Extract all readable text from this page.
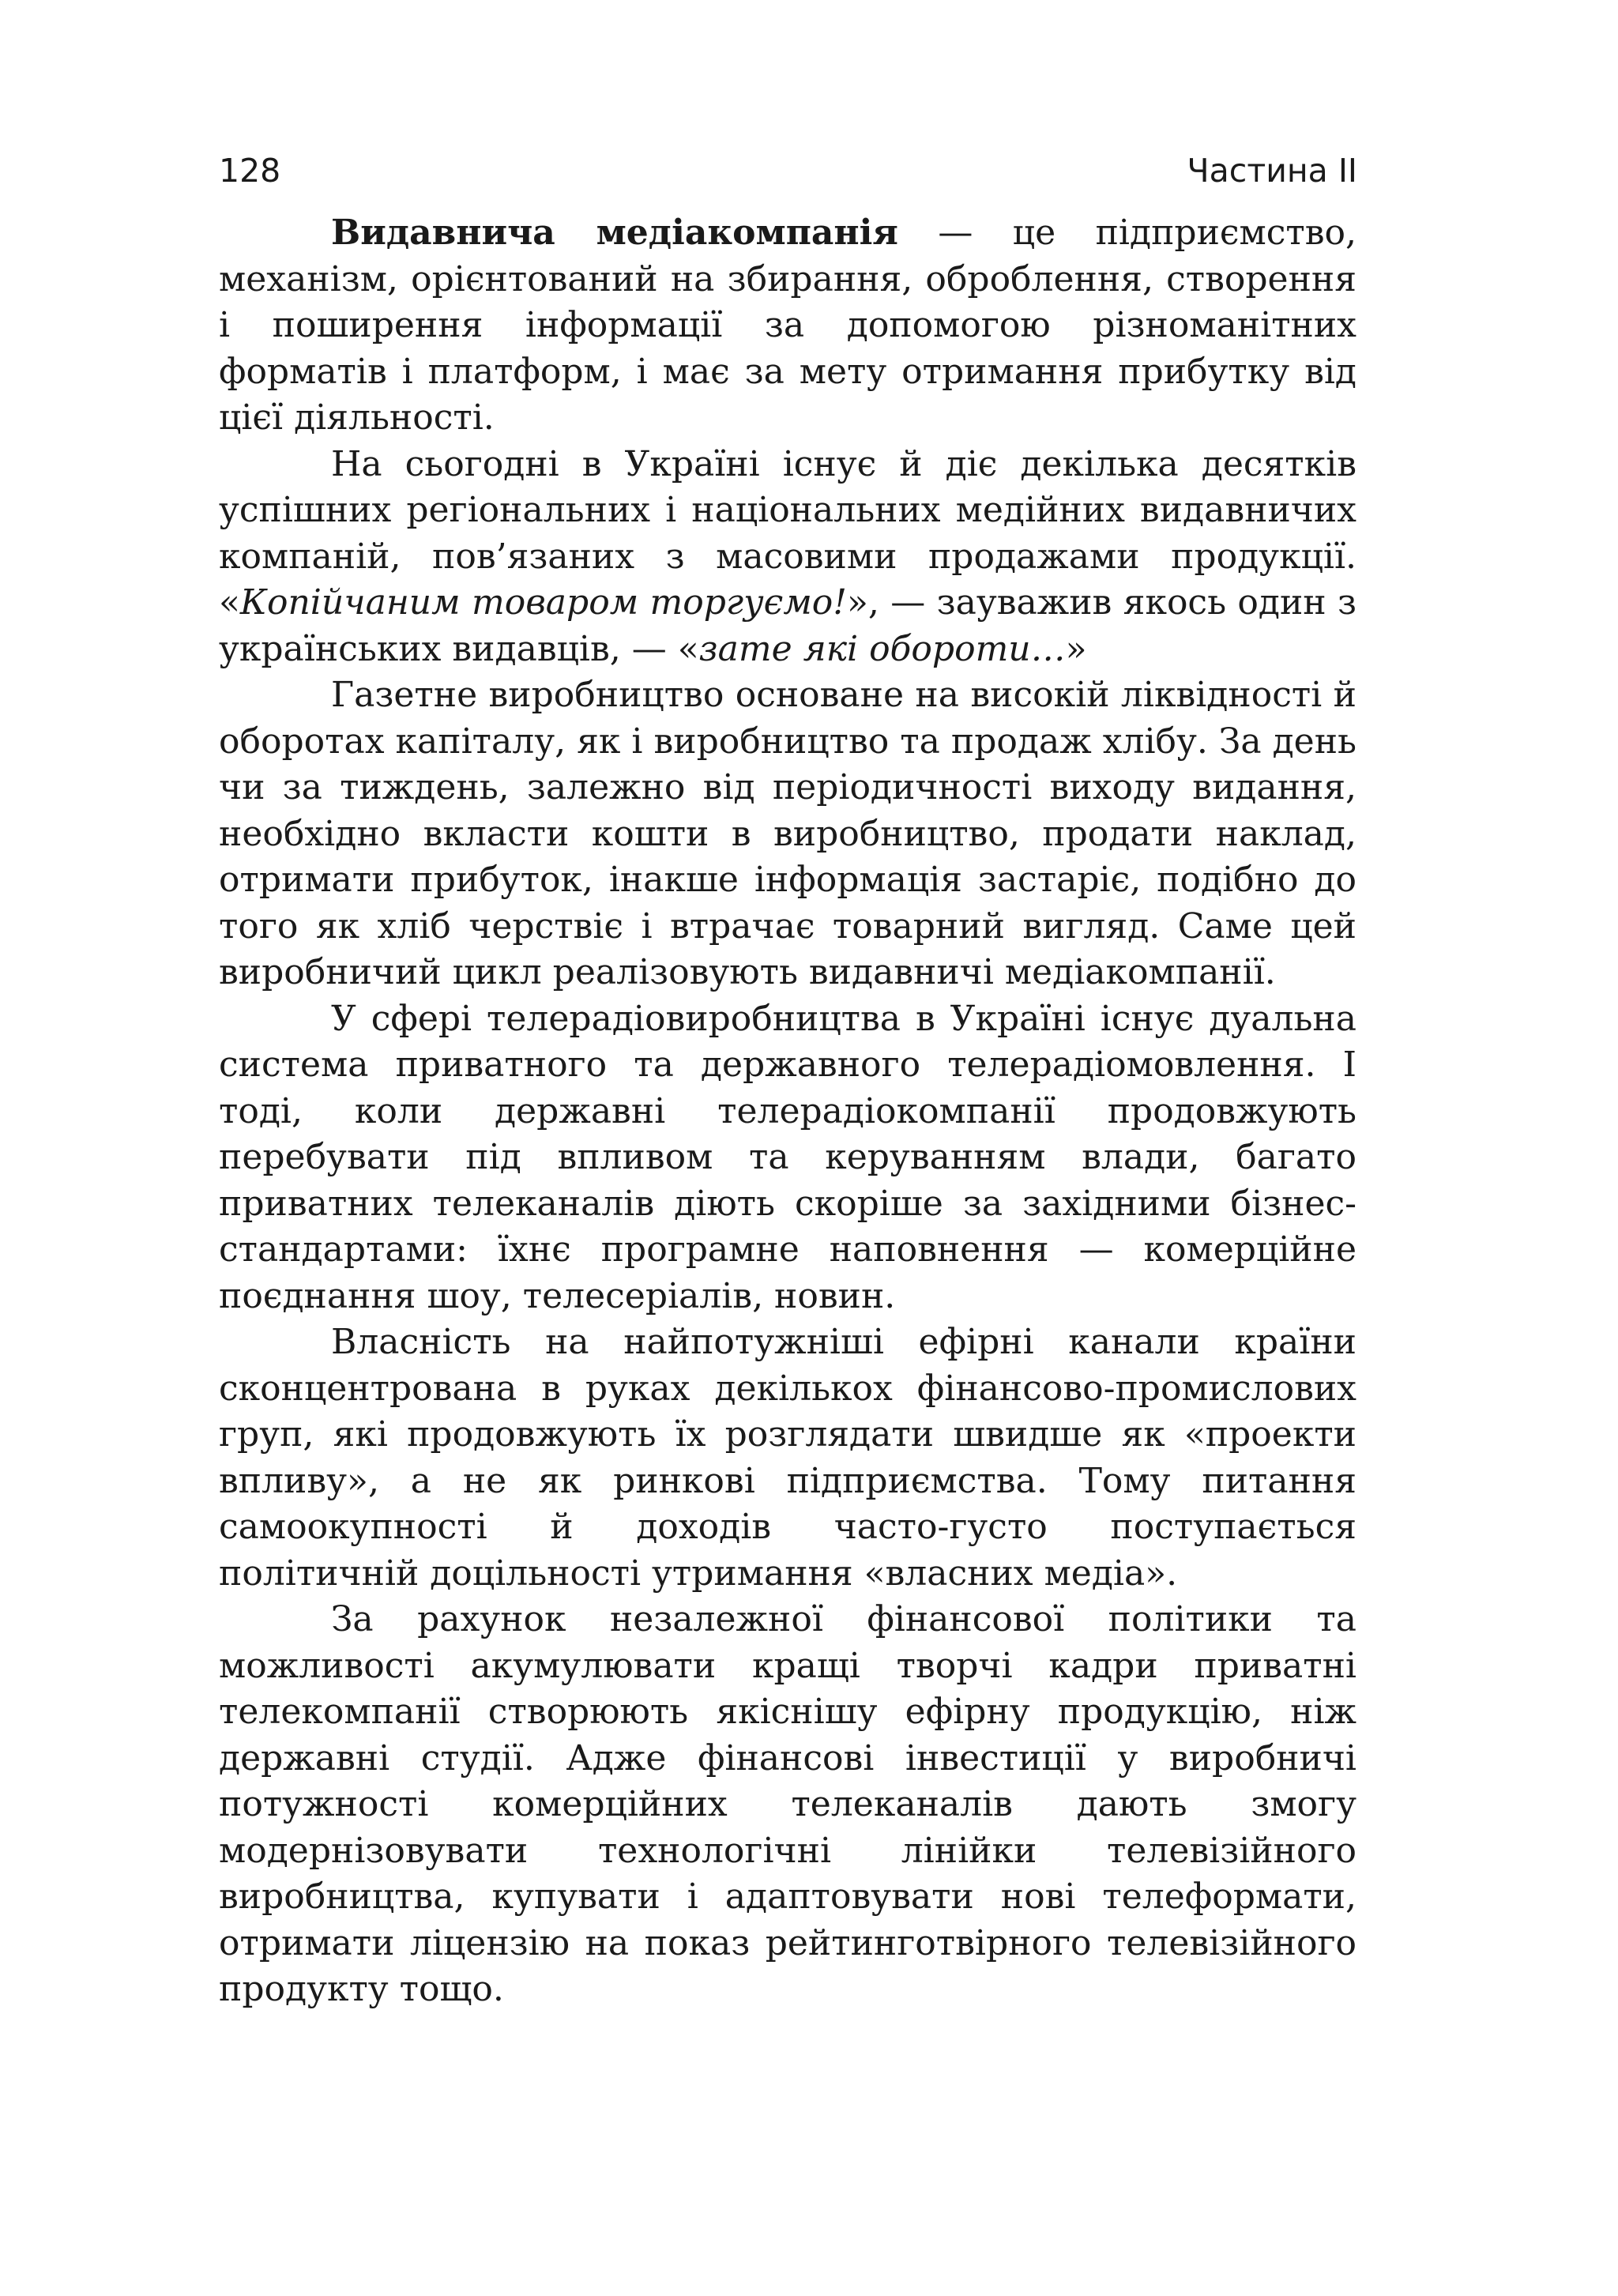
128	Частина II

Видавнича медіакомпанія — це підприємство, механізм, орієнтований на збирання, оброблення, створення і поширення інформації за допомогою різноманітних форматів і платформ, і має за мету отримання прибутку від цієї діяльності.

На сьогодні в Україні існує й діє декілька десятків успішних регіональних і національних медійних видавничих компаній, пов’язаних з масовими продажами продукції. «Копійчаним товаром торгуємо!», — зауважив якось один з українських видавців, — «зате які обороти…»

Газетне виробництво основане на високій ліквідності й оборотах капіталу, як і виробництво та продаж хлібу. За день чи за тиждень, залежно від періодичності виходу видання, необхідно вкласти кошти в виробництво, продати наклад, отримати прибуток, інакше інформація застаріє, подібно до того як хліб черствіє і втрачає товарний вигляд. Саме цей виробничий цикл реалізовують видавничі медіакомпанії.

У сфері телерадіовиробництва в Україні існує дуальна система приватного та державного телерадіомовлення. І тоді, коли державні телерадіокомпанії продовжують перебувати під впливом та керуванням влади, багато приватних телеканалів діють скоріше за західними бізнес-стандартами: їхнє програмне наповнення — комерційне поєднання шоу, телесеріалів, новин.

Власність на найпотужніші ефірні канали країни сконцентрована в руках декількох фінансово-промислових груп, які продовжують їх розглядати швидше як «проекти впливу», а не як ринкові підприємства. Тому питання самоокупності й доходів часто-густо поступається політичній доцільності утримання «власних медіа».

За рахунок незалежної фінансової політики та можливості акумулювати кращі творчі кадри приватні телекомпанії створюють якіснішу ефірну продукцію, ніж державні студії. Адже фінансові інвестиції у виробничі потужності комерційних телеканалів дають змогу модернізовувати технологічні лінійки телевізійного виробництва, купувати і адаптовувати нові телеформати, отримати ліцензію на показ рейтинготвірного телевізійного продукту тощо.
